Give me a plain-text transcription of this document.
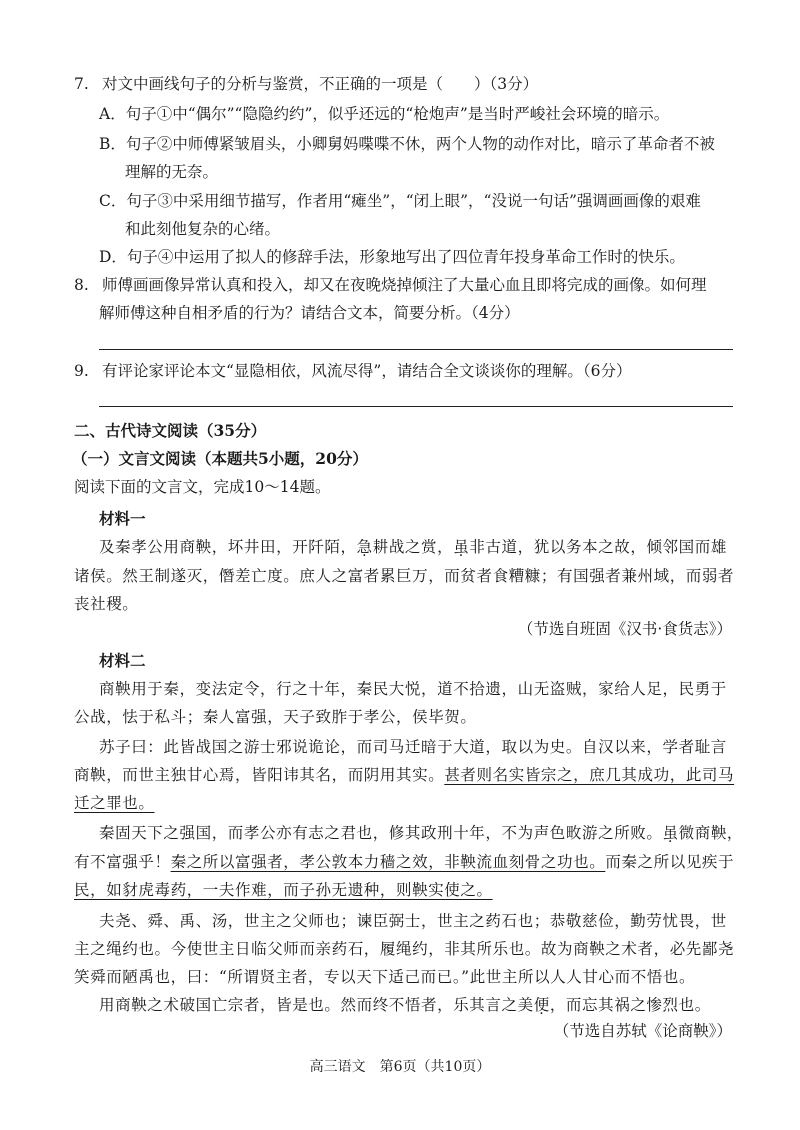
7. 对文中画线句子的分析与鉴赏，不正确的一项是（　　）（3分）
A．句子①中“偶尔”“隐隐约约”，似乎还远的“枪炮声”是当时严峻社会环境的暗示。
B．句子②中师傅紧皱眉头，小卿舅妈喋喋不休，两个人物的动作对比，暗示了革命者不被
理解的无奈。
C．句子③中采用细节描写，作者用“瘫坐”，“闭上眼”，“没说一句话”强调画画像的艰难
和此刻他复杂的心绪。
D．句子④中运用了拟人的修辞手法，形象地写出了四位青年投身革命工作时的快乐。
8. 师傅画画像异常认真和投入，却又在夜晚烧掉倾注了大量心血且即将完成的画像。如何理
解师傅这种自相矛盾的行为？请结合文本，简要分析。（4分）
9. 有评论家评论本文“显隐相依，风流尽得”，请结合全文谈谈你的理解。（6分）
二、古代诗文阅读（35分）
（一）文言文阅读（本题共5小题，20分）
阅读下面的文言文，完成10～14题。
材料一
及秦孝公用商鞅，坏井田，开阡陌，急耕战之赏，虽非古道，犹以务本之故，倾邻国而雄
诸侯。然王制遂灭，僭差亡度。庶人之富者累巨万，而贫者食糟糠；有国强者兼州域，而弱者
丧社稷。
（节选自班固《汉书·食货志》）
材料二
商鞅用于秦，变法定令，行之十年，秦民大悦，道不拾遗，山无盗贼，家给人足，民勇于
公战，怯于私斗；秦人富强，天子致胙于孝公，侯毕贺。
苏子曰：此皆战国之游士邪说诡论，而司马迁暗于大道，取以为史。自汉以来，学者耻言
商鞅，而世主独甘心焉，皆阳讳其名，而阴用其实。甚者则名实皆宗之，庶几其成功，此司马
迁之罪也。
秦固天下之强国，而孝公亦有志之君也，修其政刑十年，不为声色畋游之所败。虽微商鞅，
有不富强乎！秦之所以富强者，孝公敦本力穑之效，非鞅流血刻骨之功也。而秦之所以见疾于
民，如豺虎毒药，一夫作难，而子孙无遗种，则鞅实使之。
夫尧、舜、禹、汤，世主之父师也；谏臣弼士，世主之药石也；恭敬慈俭，勤劳忧畏，世
主之绳约也。今使世主日临父师而亲药石，履绳约，非其所乐也。故为商鞅之术者，必先鄙尧
笑舜而陋禹也，曰：“所谓贤主者，专以天下适己而已。”此世主所以人人甘心而不悟也。
用商鞅之术破国亡宗者，皆是也。然而终不悟者，乐其言之美便，而忘其祸之惨烈也。
（节选自苏轼《论商鞅》）
高三语文　第6页（共10页）
